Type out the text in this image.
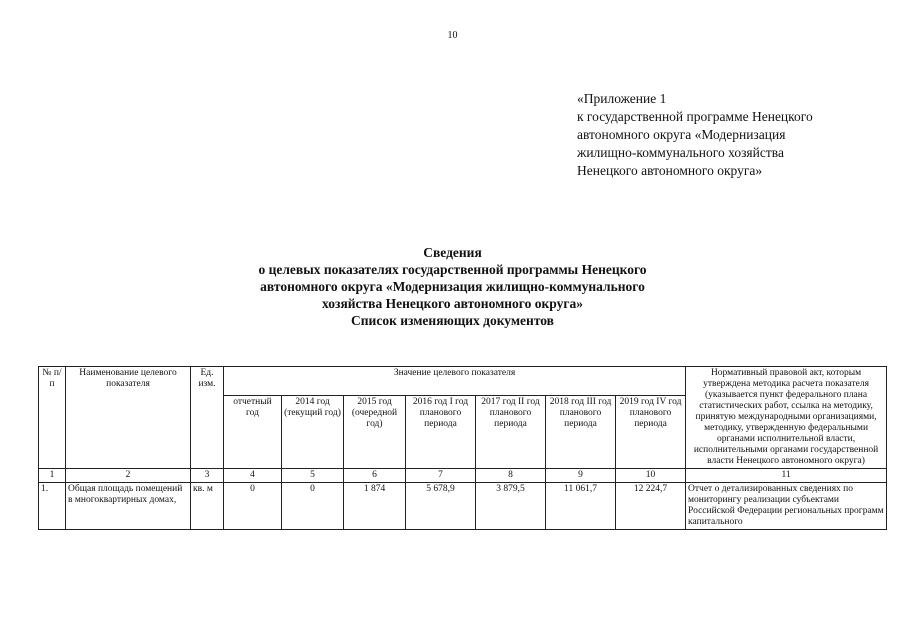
10
«Приложение 1
к государственной программе Ненецкого
автономного округа «Модернизация
жилищно-коммунального хозяйства
Ненецкого автономного округа»
Сведения
о целевых показателях государственной программы Ненецкого
автономного округа «Модернизация жилищно-коммунального
хозяйства Ненецкого автономного округа»
Список изменяющих документов
№ п/п	Наименование целевого показателя	Ед. изм.	Значение целевого показателя							Нормативный правовой акт, которым утверждена методика расчета показателя (указывается пункт федерального плана статистических работ, ссылка на методику, принятую международными организациями, методику, утвержденную федеральными органами исполнительной власти, исполнительными органами государственной власти Ненецкого автономного округа)
			отчетный год	2014 год (текущий год)	2015 год (очередной год)	2016 год I год планового периода	2017 год II год планового периода	2018 год III год планового периода	2019 год IV год планового периода	
1	2	3	4	5	6	7	8	9	10	11
1.	Общая площадь помещений в многоквартирных домах,	кв. м	0	0	1 874	5 678,9	3 879,5	11 061,7	12 224,7	Отчет о детализированных сведениях по мониторингу реализации субъектами Российской Федерации региональных программ капитального
